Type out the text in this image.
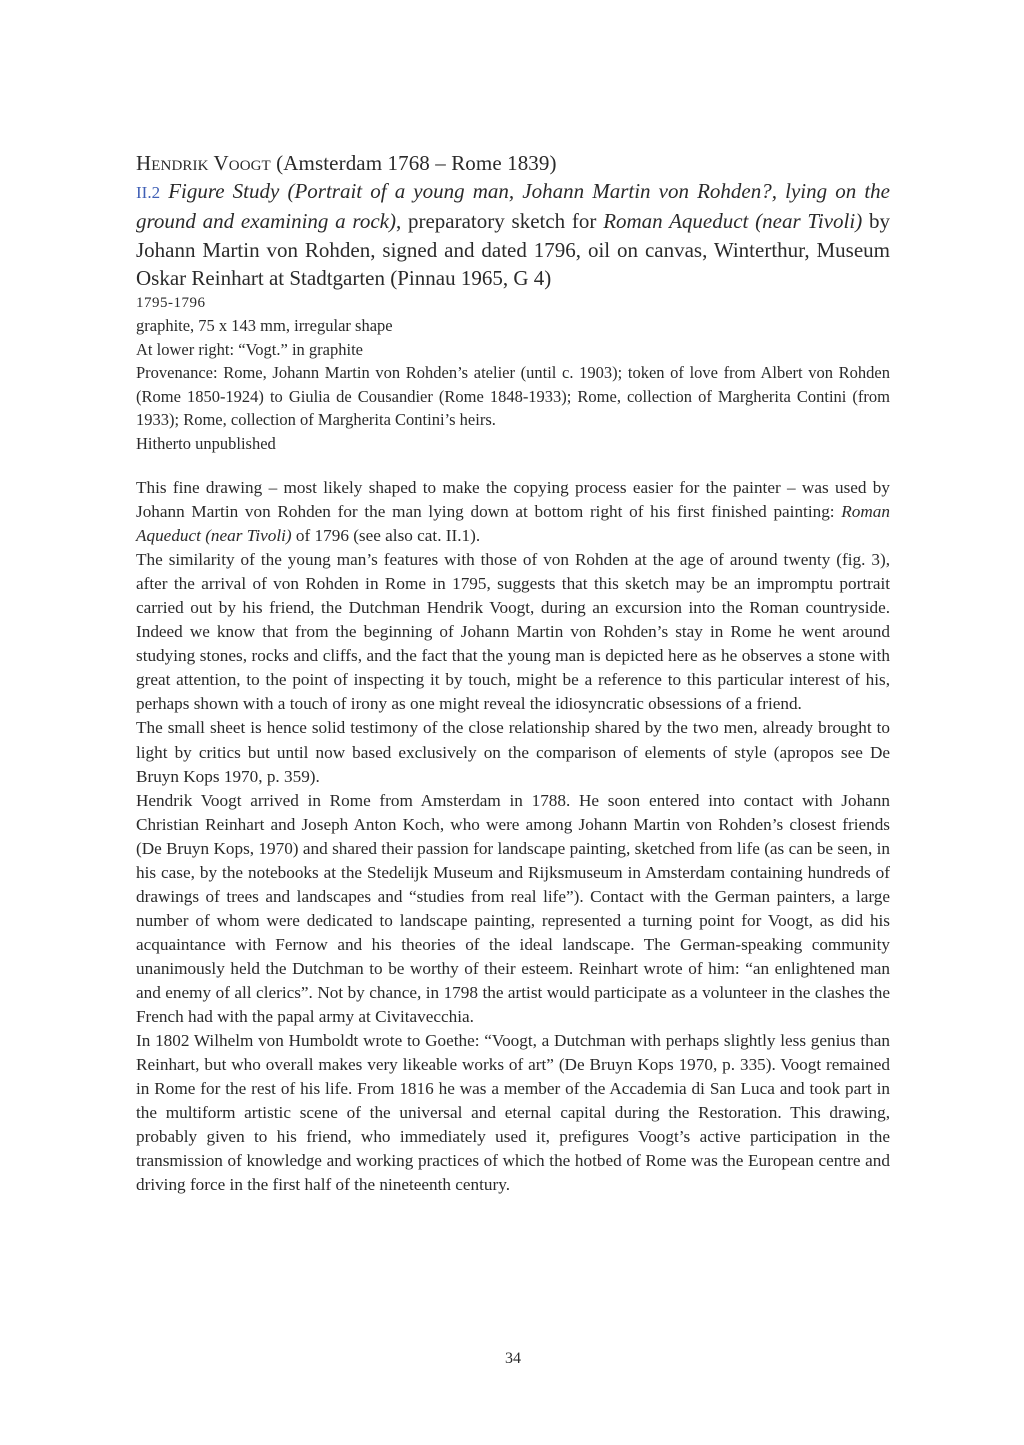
Hendrik Voogt (Amsterdam 1768 – Rome 1839)
II.2 Figure Study (Portrait of a young man, Johann Martin von Rohden?, lying on the ground and examining a rock), preparatory sketch for Roman Aqueduct (near Tivoli) by Johann Martin von Rohden, signed and dated 1796, oil on canvas, Winterthur, Museum Oskar Reinhart at Stadtgarten (Pinnau 1965, G 4)
1795-1796
graphite, 75 x 143 mm, irregular shape
At lower right: “Vogt.” in graphite
Provenance: Rome, Johann Martin von Rohden’s atelier (until c. 1903); token of love from Albert von Rohden (Rome 1850-1924) to Giulia de Cousandier (Rome 1848-1933); Rome, collection of Margherita Contini (from 1933); Rome, collection of Margherita Contini’s heirs.
Hitherto unpublished

This fine drawing – most likely shaped to make the copying process easier for the painter – was used by Johann Martin von Rohden for the man lying down at bottom right of his first finished painting: Roman Aqueduct (near Tivoli) of 1796 (see also cat. II.1).

The similarity of the young man’s features with those of von Rohden at the age of around twenty (fig. 3), after the arrival of von Rohden in Rome in 1795, suggests that this sketch may be an impromptu portrait carried out by his friend, the Dutchman Hendrik Voogt, during an excursion into the Roman countryside. Indeed we know that from the beginning of Johann Martin von Rohden’s stay in Rome he went around studying stones, rocks and cliffs, and the fact that the young man is depicted here as he observes a stone with great attention, to the point of inspecting it by touch, might be a reference to this particular interest of his, perhaps shown with a touch of irony as one might reveal the idiosyncratic obsessions of a friend.

The small sheet is hence solid testimony of the close relationship shared by the two men, already brought to light by critics but until now based exclusively on the comparison of elements of style (apropos see De Bruyn Kops 1970, p. 359).

Hendrik Voogt arrived in Rome from Amsterdam in 1788. He soon entered into contact with Johann Christian Reinhart and Joseph Anton Koch, who were among Johann Martin von Rohden’s closest friends (De Bruyn Kops, 1970) and shared their passion for landscape painting, sketched from life (as can be seen, in his case, by the notebooks at the Stedelijk Museum and Rijksmuseum in Amsterdam containing hundreds of drawings of trees and landscapes and “studies from real life”). Contact with the German painters, a large number of whom were dedicated to landscape painting, represented a turning point for Voogt, as did his acquaintance with Fernow and his theories of the ideal landscape. The German-speaking community unanimously held the Dutchman to be worthy of their esteem. Reinhart wrote of him: “an enlightened man and enemy of all clerics”. Not by chance, in 1798 the artist would participate as a volunteer in the clashes the French had with the papal army at Civitavecchia.

In 1802 Wilhelm von Humboldt wrote to Goethe: “Voogt, a Dutchman with perhaps slightly less genius than Reinhart, but who overall makes very likeable works of art” (De Bruyn Kops 1970, p. 335). Voogt remained in Rome for the rest of his life. From 1816 he was a member of the Accademia di San Luca and took part in the multiform artistic scene of the universal and eternal capital during the Restoration. This drawing, probably given to his friend, who immediately used it, prefigures Voogt’s active participation in the transmission of knowledge and working practices of which the hotbed of Rome was the European centre and driving force in the first half of the nineteenth century.

34
